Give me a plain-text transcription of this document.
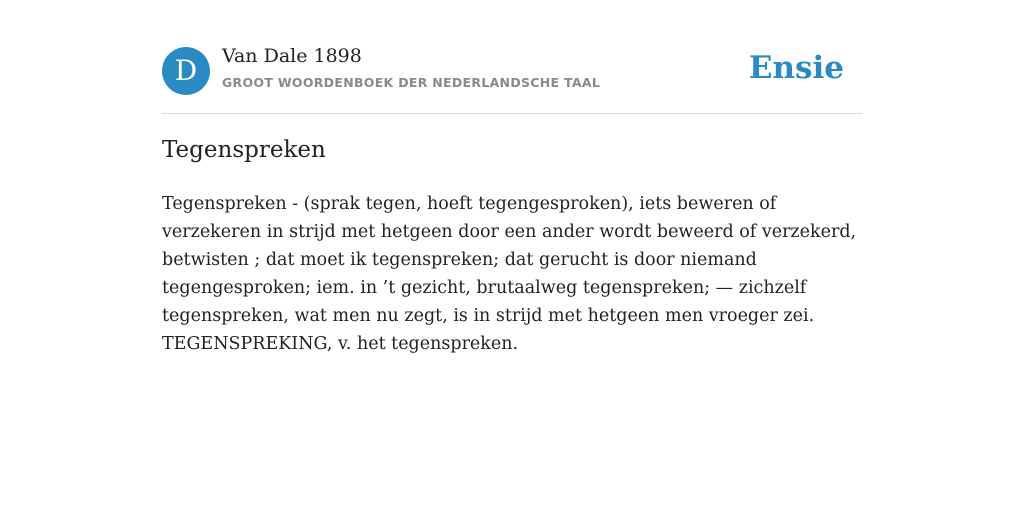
D	Van Dale 1898
GROOT WOORDENBOEK DER NEDERLANDSCHE TAAL	Ensie
Tegenspreken

Tegenspreken - (sprak tegen, hoeft tegengesproken), iets beweren of verzekeren in strijd met hetgeen door een ander wordt beweerd of verzekerd, betwisten ; dat moet ik tegenspreken; dat gerucht is door niemand tegengesproken; iem. in ’t gezicht, brutaalweg tegenspreken; — zichzelf tegenspreken, wat men nu zegt, is in strijd met hetgeen men vroeger zei. TEGENSPREKING, v. het tegenspreken.
